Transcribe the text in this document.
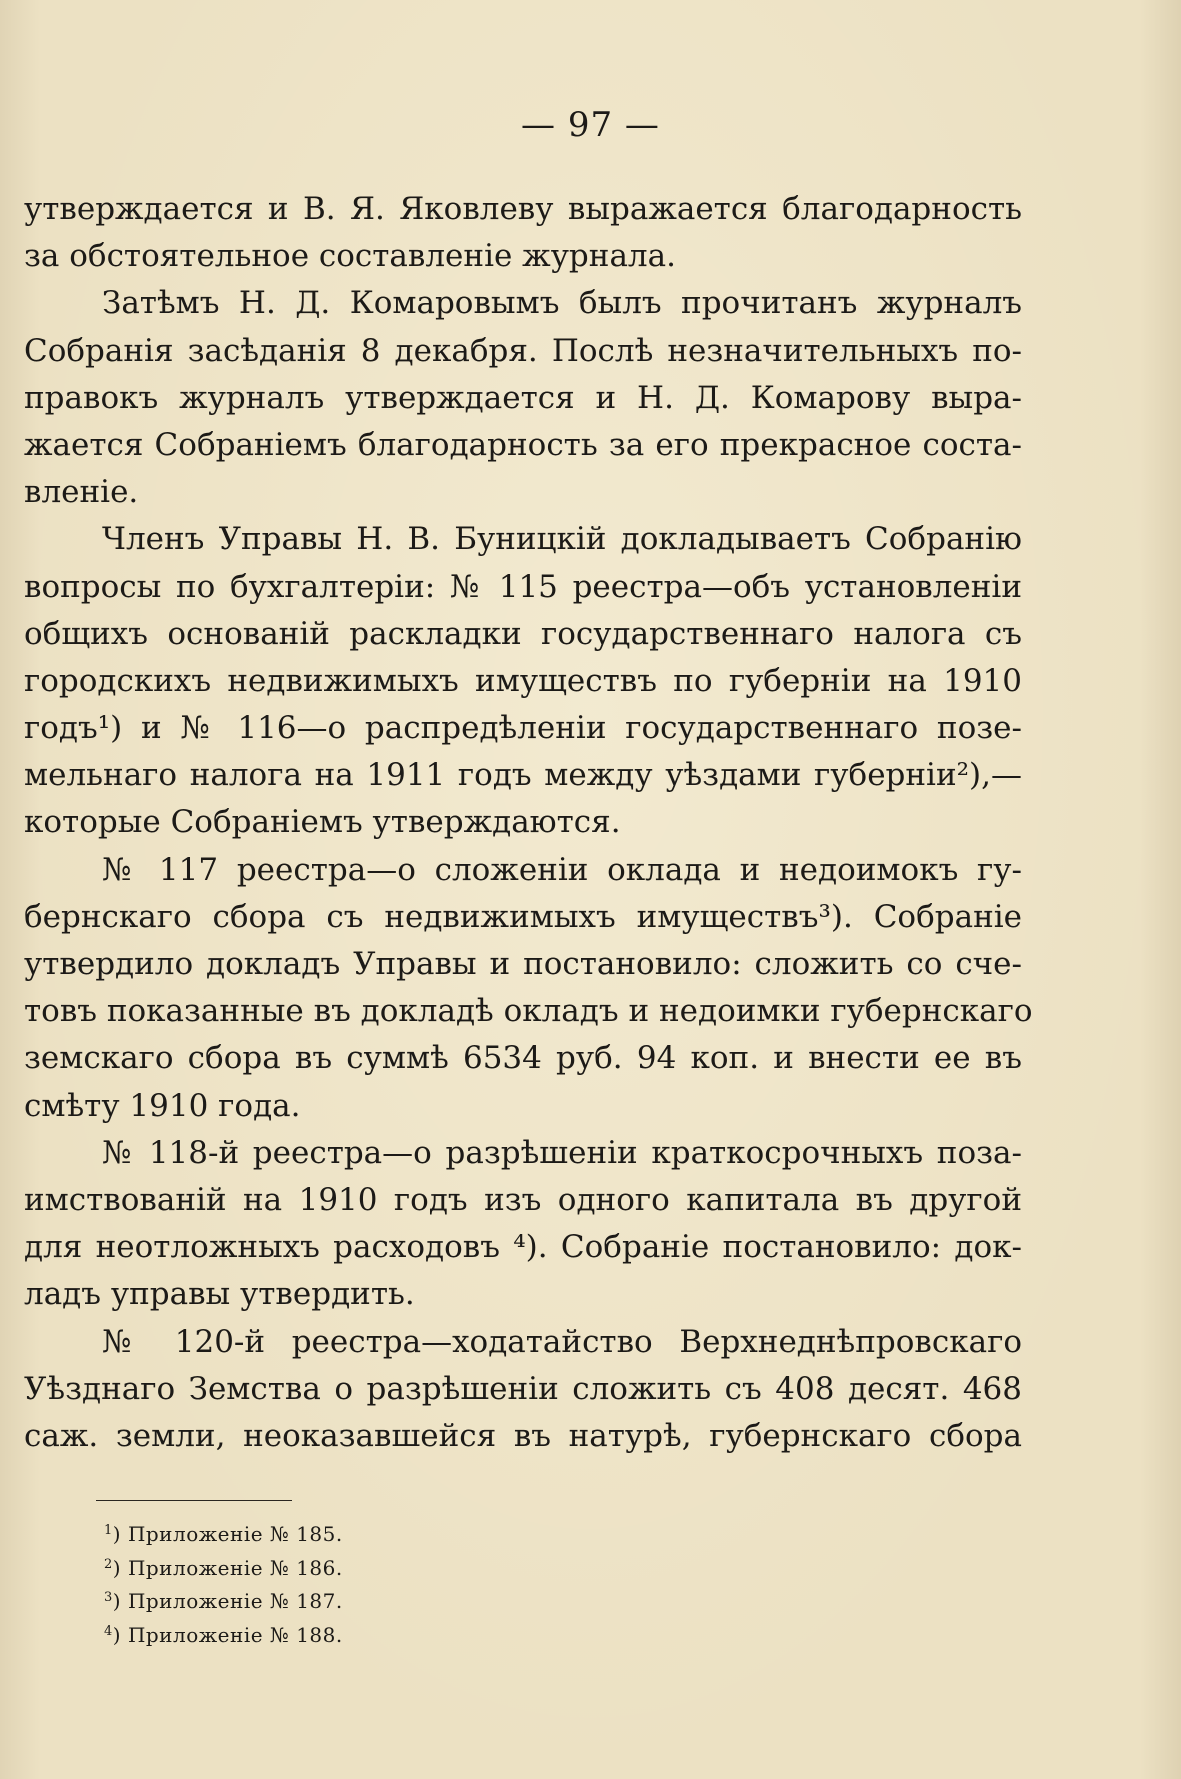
— 97 —
утверждается и В. Я. Яковлеву выражается благодарность
за обстоятельное составленіе журнала.
Затѣмъ Н. Д. Комаровымъ былъ прочитанъ журналъ
Собранія засѣданія 8 декабря. Послѣ незначительныхъ по-
правокъ журналъ утверждается и Н. Д. Комарову выра-
жается Собраніемъ благодарность за его прекрасное соста-
вленіе.
Членъ Управы Н. В. Буницкій докладываетъ Собранію
вопросы по бухгалтеріи: № 115 реестра—объ установленіи
общихъ основаній раскладки государственнаго налога съ
городскихъ недвижимыхъ имуществъ по губерніи на 1910
годъ¹) и № 116—о распредѣленіи государственнаго позе-
мельнаго налога на 1911 годъ между уѣздами губерніи²),—
которые Собраніемъ утверждаются.
№ 117 реестра—о сложеніи оклада и недоимокъ гу-
бернскаго сбора съ недвижимыхъ имуществъ³). Собраніе
утвердило докладъ Управы и постановило: сложить со сче-
товъ показанные въ докладѣ окладъ и недоимки губернскаго
земскаго сбора въ суммѣ 6534 руб. 94 коп. и внести ее въ
смѣту 1910 года.
№ 118-й реестра—о разрѣшеніи краткосрочныхъ поза-
имствованій на 1910 годъ изъ одного капитала въ другой
для неотложныхъ расходовъ ⁴). Собраніе постановило: док-
ладъ управы утвердить.
№ 120-й реестра—ходатайство Верхнеднѣпровскаго
Уѣзднаго Земства о разрѣшеніи сложить съ 408 десят. 468
саж. земли, неоказавшейся въ натурѣ, губернскаго сбора
$^1$) Приложеніе № 185.
$^2$) Приложеніе № 186.
$^3$) Приложеніе № 187.
$^4$) Приложеніе № 188.
